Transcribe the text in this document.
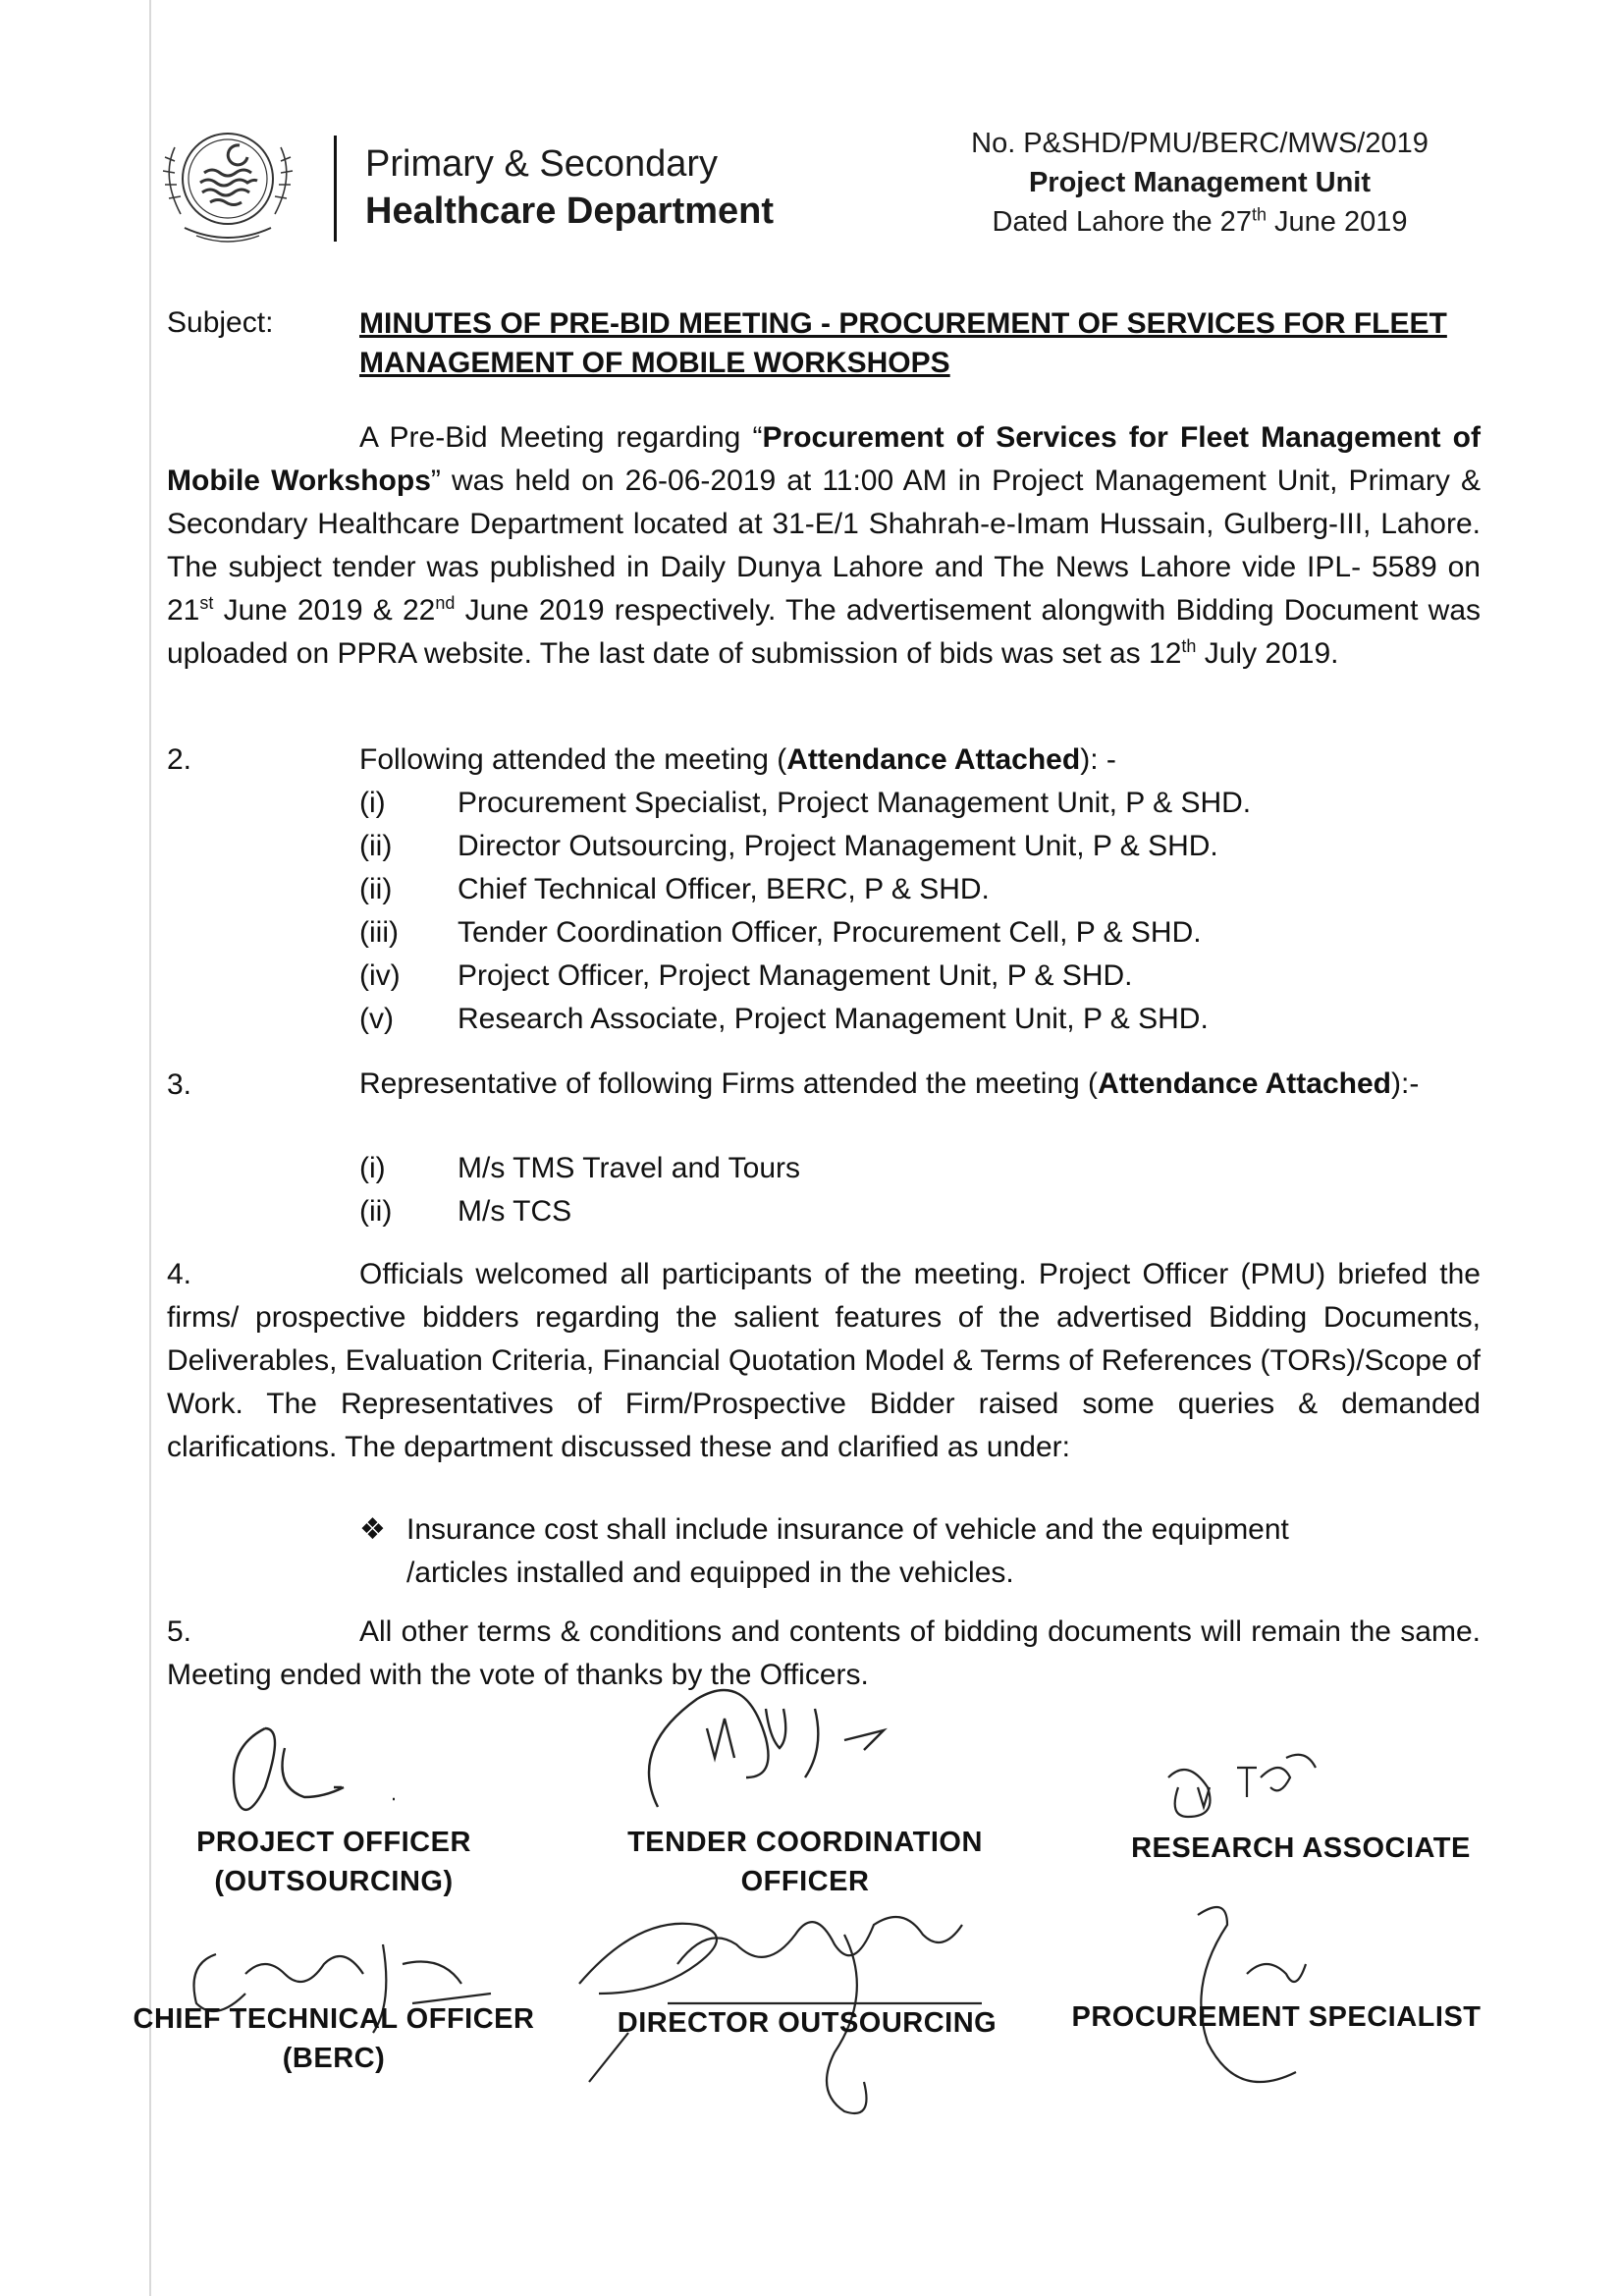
Primary & Secondary
Healthcare Department
No. P&SHD/PMU/BERC/MWS/2019
Project Management Unit
Dated Lahore the 27th June 2019
Subject:	MINUTES OF PRE-BID MEETING - PROCUREMENT OF SERVICES FOR FLEET MANAGEMENT OF MOBILE WORKSHOPS
A Pre-Bid Meeting regarding “Procurement of Services for Fleet Management of Mobile Workshops” was held on 26-06-2019 at 11:00 AM in Project Management Unit, Primary & Secondary Healthcare Department located at 31-E/1 Shahrah-e-Imam Hussain, Gulberg-III, Lahore. The subject tender was published in Daily Dunya Lahore and The News Lahore vide IPL- 5589 on 21st June 2019 & 22nd June 2019 respectively. The advertisement alongwith Bidding Document was uploaded on PPRA website. The last date of submission of bids was set as 12th July 2019.
2.	Following attended the meeting (Attendance Attached): -
(i) Procurement Specialist, Project Management Unit, P & SHD.
(ii) Director Outsourcing, Project Management Unit, P & SHD.
(ii) Chief Technical Officer, BERC, P & SHD.
(iii) Tender Coordination Officer, Procurement Cell, P & SHD.
(iv) Project Officer, Project Management Unit, P & SHD.
(v) Research Associate, Project Management Unit, P & SHD.
3.	Representative of following Firms attended the meeting (Attendance Attached):-
(i) M/s TMS Travel and Tours
(ii) M/s TCS
4.	Officials welcomed all participants of the meeting. Project Officer (PMU) briefed the firms/ prospective bidders regarding the salient features of the advertised Bidding Documents, Deliverables, Evaluation Criteria, Financial Quotation Model & Terms of References (TORs)/Scope of Work. The Representatives of Firm/Prospective Bidder raised some queries & demanded clarifications. The department discussed these and clarified as under:
❖ Insurance cost shall include insurance of vehicle and the equipment
/articles installed and equipped in the vehicles.
5.	All other terms & conditions and contents of bidding documents will remain the same. Meeting ended with the vote of thanks by the Officers.
PROJECT OFFICER
(OUTSOURCING)
TENDER COORDINATION
OFFICER
RESEARCH ASSOCIATE
CHIEF TECHNICAL OFFICER
(BERC)
DIRECTOR OUTSOURCING	PROCUREMENT SPECIALIST
